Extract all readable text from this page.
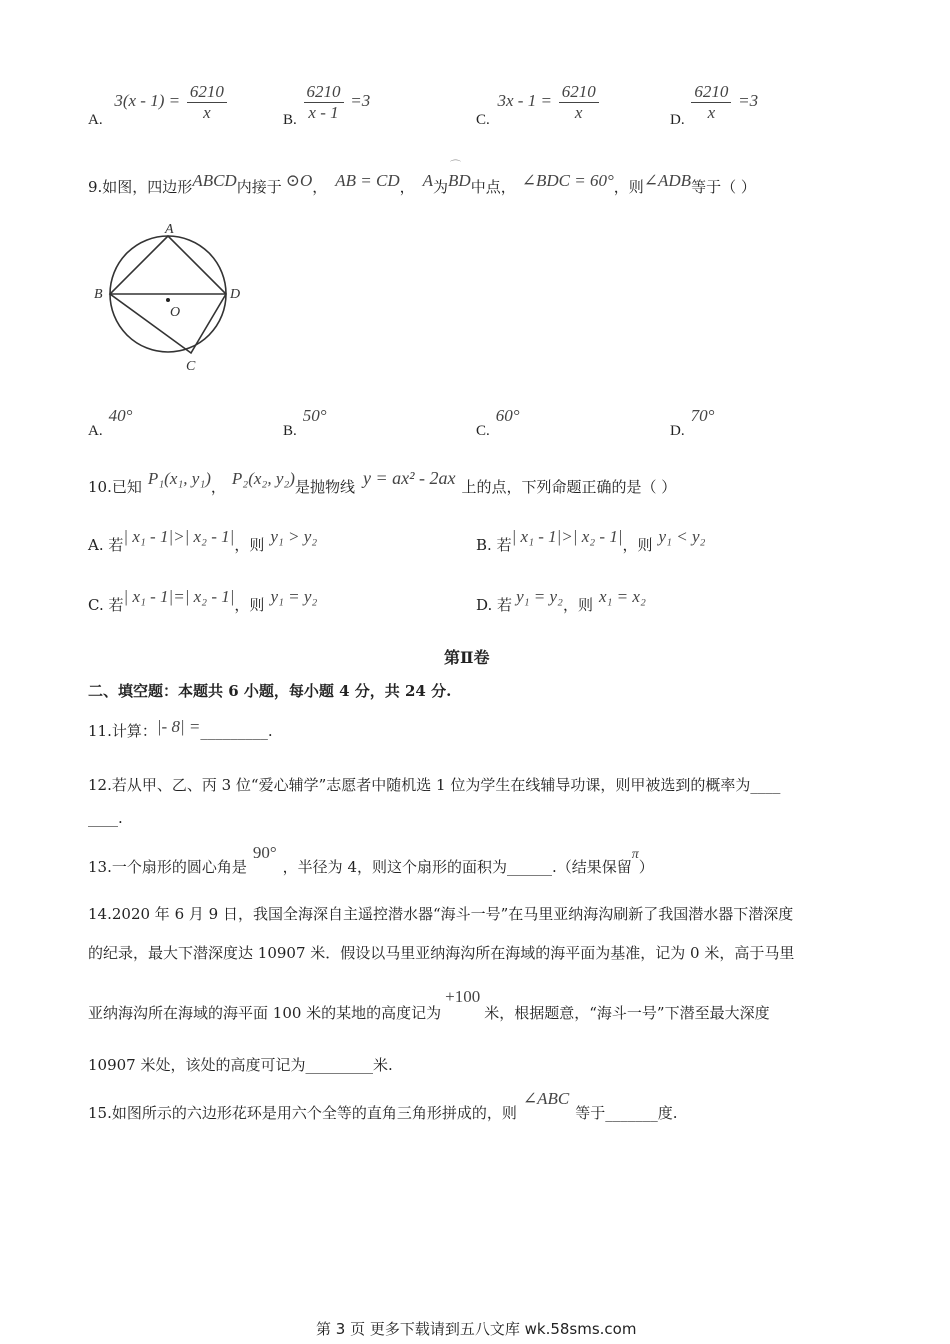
A. $3(x - 1) = \frac{6210}{x}$	B. $\frac{6210}{x - 1} =3$
C. $3x - 1 = \frac{6210}{x}$	D. $\frac{6210}{x} =3$
9.如图，四边形ABCD内接于 ⊙O， AB = CD， A为
⌒
BD中点， ∠BDC = 60°，则∠ADB等于（ ）
A
B	D
C
O
A.40°
B.50°
C.60°
D.70°
10.已知 P₁(x₁, y₁)， P₂(x₂, y₂)是抛物线 y = ax² - 2ax 上的点，下列命题正确的是（ ）
A. 若| x₁ - 1|>| x₂ - 1|，则 y₁ > y₂	B. 若| x₁ - 1|>| x₂ - 1|，则 y₁ < y₂
C. 若| x₁ - 1|=| x₂ - 1|，则 y₁ = y₂	D. 若 y₁ = y₂，则 x₁ = x₂
第Ⅱ卷
二、填空题：本题共 6 小题，每小题 4 分，共 24 分.
11.计算：|- 8| =_________.
12.若从甲、乙、丙 3 位“爱心辅学”志愿者中随机选 1 位为学生在线辅导功课，则甲被选到的概率为____
____.
13.一个扇形的圆心角是90°，半径为 4，则这个扇形的面积为______.（结果保留π）
14.2020 年 6 月 9 日，我国全海深自主遥控潜水器“海斗一号”在马里亚纳海沟刷新了我国潜水器下潜深度
的纪录，最大下潜深度达 10907 米．假设以马里亚纳海沟所在海域的海平面为基准，记为 0 米，高于马里
亚纳海沟所在海域的海平面 100 米的某地的高度记为+100米，根据题意，“海斗一号”下潜至最大深度
10907 米处，该处的高度可记为_________米.
15.如图所示的六边形花环是用六个全等的直角三角形拼成的，则∠ABC等于_______度.
第 3 页 更多下载请到五八文库 wk.58sms.com
